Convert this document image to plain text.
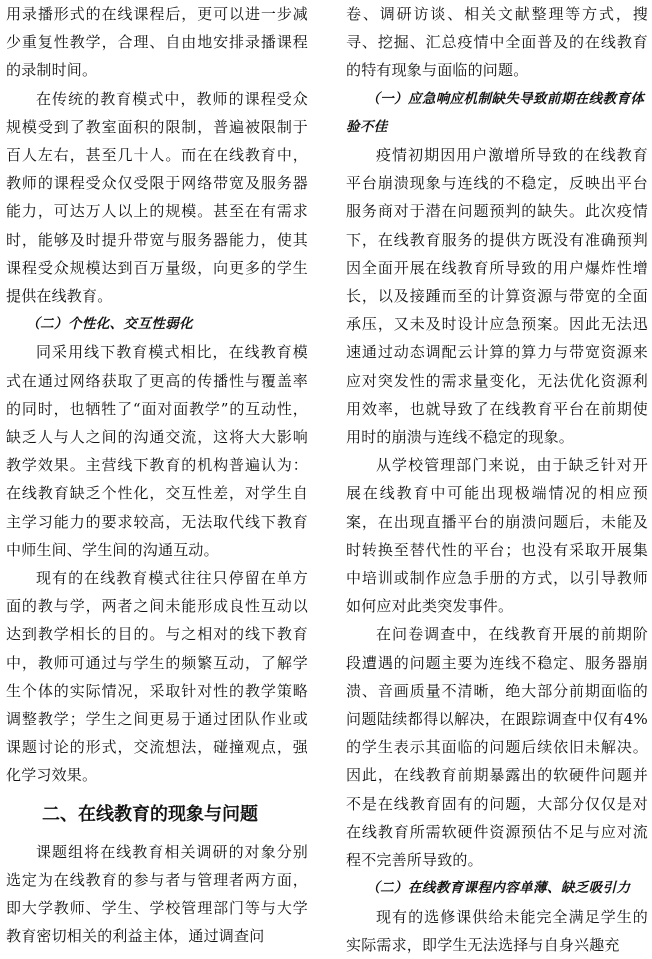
用录播形式的在线课程后，更可以进一步减少重复性教学，合理、自由地安排录播课程的录制时间。

在传统的教育模式中，教师的课程受众规模受到了教室面积的限制，普遍被限制于百人左右，甚至几十人。而在在线教育中，教师的课程受众仅受限于网络带宽及服务器能力，可达万人以上的规模。甚至在有需求时，能够及时提升带宽与服务器能力，使其课程受众规模达到百万量级，向更多的学生提供在线教育。

（二）个性化、交互性弱化

同采用线下教育模式相比，在线教育模式在通过网络获取了更高的传播性与覆盖率的同时，也牺牲了“面对面教学”的互动性，缺乏人与人之间的沟通交流，这将大大影响教学效果。主营线下教育的机构普遍认为：在线教育缺乏个性化，交互性差，对学生自主学习能力的要求较高，无法取代线下教育中师生间、学生间的沟通互动。

现有的在线教育模式往往只停留在单方面的教与学，两者之间未能形成良性互动以达到教学相长的目的。与之相对的线下教育中，教师可通过与学生的频繁互动，了解学生个体的实际情况，采取针对性的教学策略调整教学；学生之间更易于通过团队作业或课题讨论的形式，交流想法，碰撞观点，强化学习效果。

二、在线教育的现象与问题

课题组将在线教育相关调研的对象分别选定为在线教育的参与者与管理者两方面，即大学教师、学生、学校管理部门等与大学教育密切相关的利益主体，通过调查问

卷、调研访谈、相关文献整理等方式，搜寻、挖掘、汇总疫情中全面普及的在线教育的特有现象与面临的问题。

（一）应急响应机制缺失导致前期在线教育体验不佳

疫情初期因用户激增所导致的在线教育平台崩溃现象与连线的不稳定，反映出平台服务商对于潜在问题预判的缺失。此次疫情下，在线教育服务的提供方既没有准确预判因全面开展在线教育所导致的用户爆炸性增长，以及接踵而至的计算资源与带宽的全面承压，又未及时设计应急预案。因此无法迅速通过动态调配云计算的算力与带宽资源来应对突发性的需求量变化，无法优化资源利用效率，也就导致了在线教育平台在前期使用时的崩溃与连线不稳定的现象。

从学校管理部门来说，由于缺乏针对开展在线教育中可能出现极端情况的相应预案，在出现直播平台的崩溃问题后，未能及时转换至替代性的平台；也没有采取开展集中培训或制作应急手册的方式，以引导教师如何应对此类突发事件。

在问卷调查中，在线教育开展的前期阶段遭遇的问题主要为连线不稳定、服务器崩溃、音画质量不清晰，绝大部分前期面临的问题陆续都得以解决，在跟踪调查中仅有4%的学生表示其面临的问题后续依旧未解决。因此，在线教育前期暴露出的软硬件问题并不是在线教育固有的问题，大部分仅仅是对在线教育所需软硬件资源预估不足与应对流程不完善所导致的。

（二）在线教育课程内容单薄、缺乏吸引力

现有的选修课供给未能完全满足学生的实际需求，即学生无法选择与自身兴趣充
